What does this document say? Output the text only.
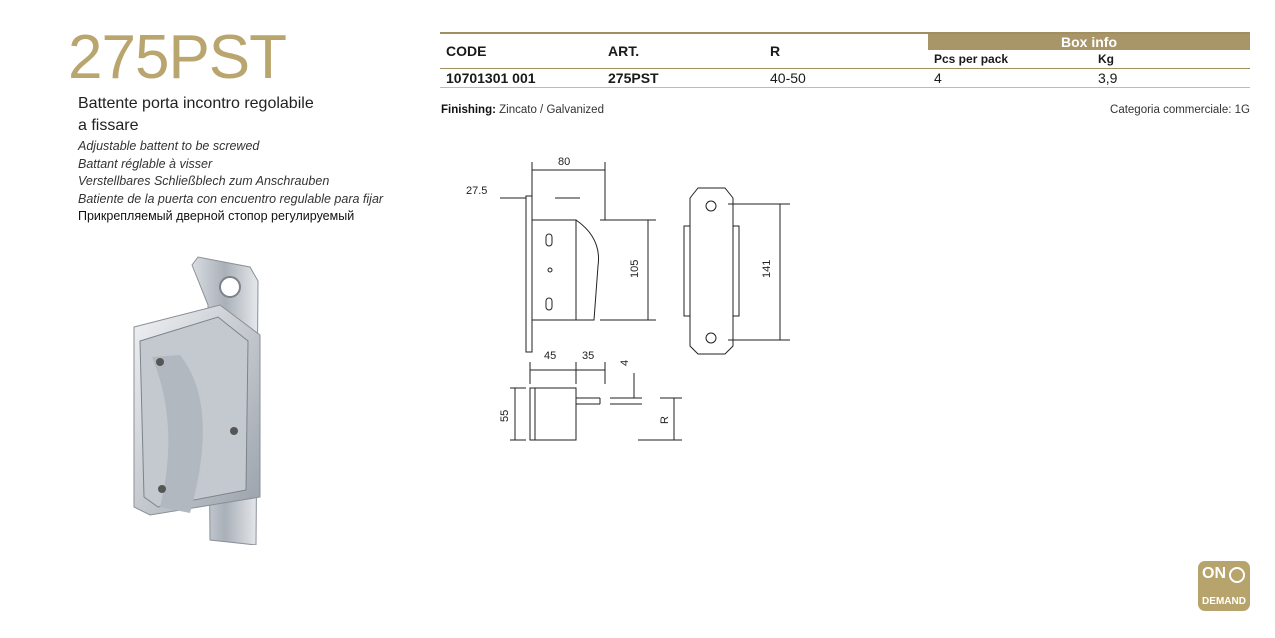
275PST
Battente porta incontro regolabile
a fissare
Adjustable battent to be screwed
Battant réglable à visser
Verstellbares Schließblech zum Anschrauben
Batiente de la puerta con encuentro regulable para fijar
Прикрепляемый дверной стопор регулируемый
CODE	ART.	R	Box info	
			Pcs per pack	Kg
10701301 001	275PST	40-50	4	3,9
Finishing: Zincato / Galvanized	Categoria commerciale: 1G
80
27.5
105	141
45 35
4
55	R
ON
DEMAND
